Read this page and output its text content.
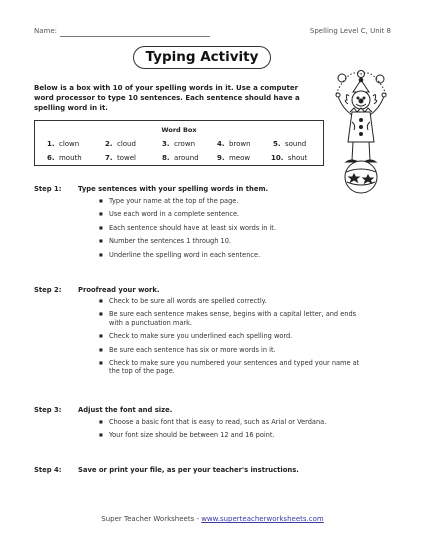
Name:	Spelling Level C, Unit 8
Typing Activity
Below is a box with 10 of your spelling words in it. Use a computer word processor to type 10 sentences. Each sentence should have a spelling word in it.
Word Box
1. clown	2. cloud	3. crown	4. brown	5. sound
6. mouth	7. towel	8. around	9. meow	10. shout
Step 1: Type sentences with your spelling words in them.
■ Type your name at the top of the page.
■ Use each word in a complete sentence.
■ Each sentence should have at least six words in it.
■ Number the sentences 1 through 10.
■ Underline the spelling word in each sentence.
Step 2: Proofread your work.
■ Check to be sure all words are spelled correctly.
■ Be sure each sentence makes sense, begins with a capital letter, and ends with a punctuation mark.
■ Check to make sure you underlined each spelling word.
■ Be sure each sentence has six or more words in it.
■ Check to make sure you numbered your sentences and typed your name at the top of the page.
Step 3: Adjust the font and size.
■ Choose a basic font that is easy to read, such as Arial or Verdana.
■ Your font size should be between 12 and 16 point.
Step 4: Save or print your file, as per your teacher's instructions.
Super Teacher Worksheets - www.superteacherworksheets.com
